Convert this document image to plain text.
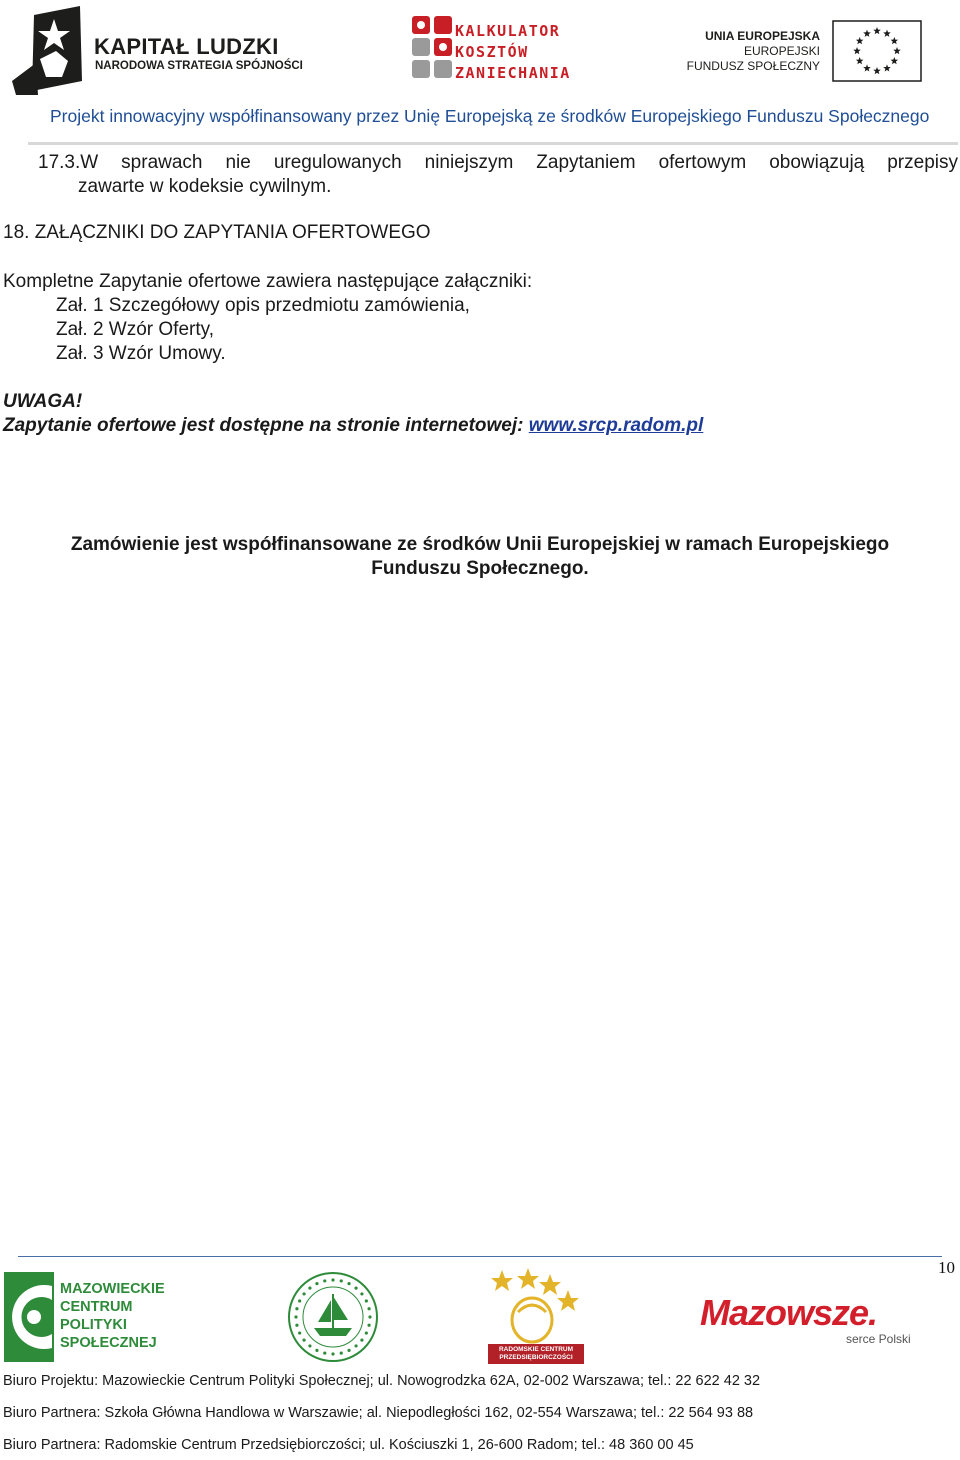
KAPITAŁ LUDZKI
NARODOWA STRATEGIA SPÓJNOŚCI
KALKULATOR
KOSZTÓW
ZANIECHANIA
UNIA EUROPEJSKA
EUROPEJSKI
FUNDUSZ SPOŁECZNY
Projekt innowacyjny współfinansowany przez Unię Europejską ze środków Europejskiego Funduszu Społecznego
17.3.W sprawach nie uregulowanych niniejszym Zapytaniem ofertowym obowiązują przepisy
zawarte w kodeksie cywilnym.
18. ZAŁĄCZNIKI DO ZAPYTANIA OFERTOWEGO
Kompletne Zapytanie ofertowe zawiera następujące załączniki:
Zał. 1 Szczegółowy opis przedmiotu zamówienia,
Zał. 2 Wzór Oferty,
Zał. 3 Wzór Umowy.
UWAGA!
Zapytanie ofertowe jest dostępne na stronie internetowej: www.srcp.radom.pl
Zamówienie jest współfinansowane ze środków Unii Europejskiej w ramach Europejskiego
Funduszu Społecznego.
10
MAZOWIECKIE
CENTRUM
POLITYKI
SPOŁECZNEJ	RADOMSKIE CENTRUM
PRZEDSIĘBIORCZOŚCI
Mazowsze.
serce Polski
Biuro Projektu: Mazowieckie Centrum Polityki Społecznej; ul. Nowogrodzka 62A, 02-002 Warszawa; tel.: 22 622 42 32
Biuro Partnera: Szkoła Główna Handlowa w Warszawie; al. Niepodległości 162, 02-554 Warszawa; tel.: 22 564 93 88
Biuro Partnera: Radomskie Centrum Przedsiębiorczości; ul. Kościuszki 1, 26-600 Radom; tel.: 48 360 00 45
